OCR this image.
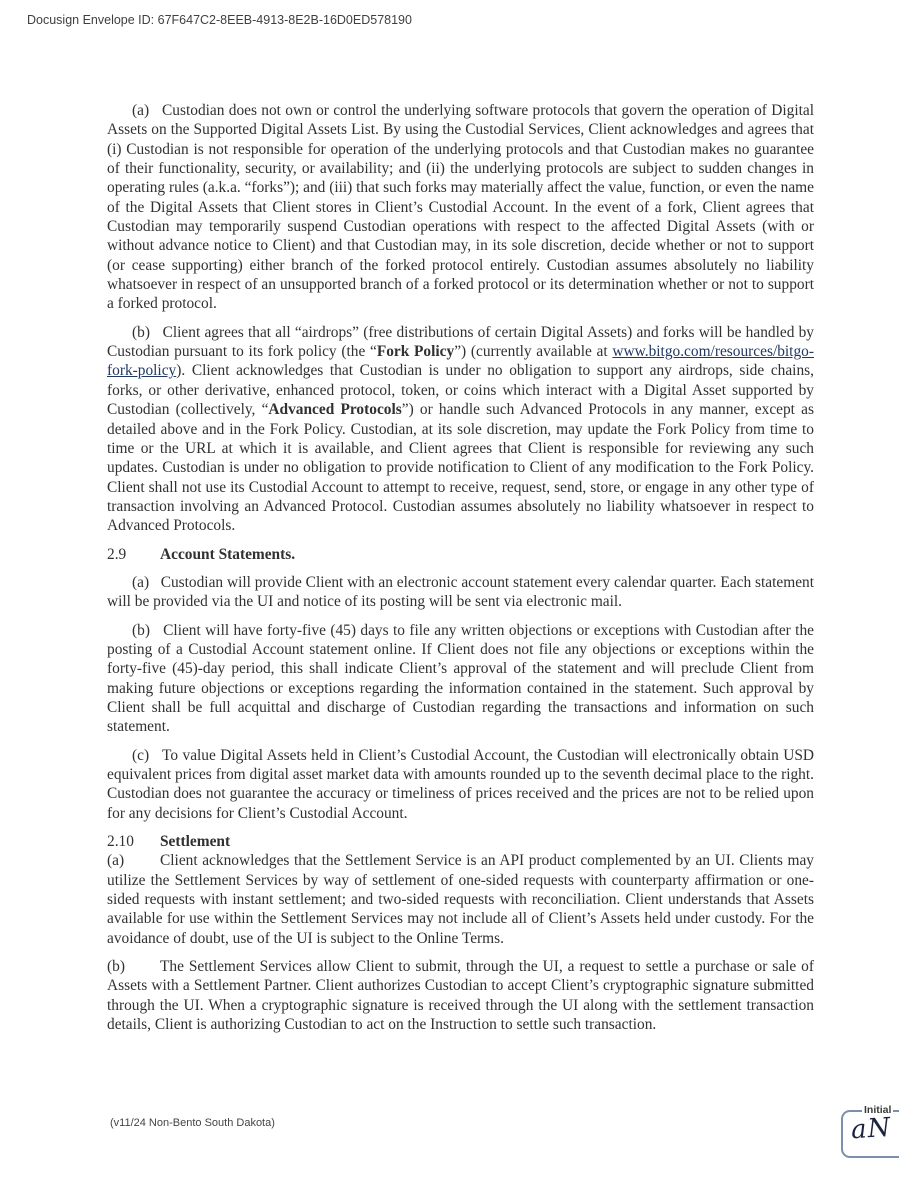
Docusign Envelope ID: 67F647C2-8EEB-4913-8E2B-16D0ED578190

(a)   Custodian does not own or control the underlying software protocols that govern the operation of Digital Assets on the Supported Digital Assets List. By using the Custodial Services, Client acknowledges and agrees that (i) Custodian is not responsible for operation of the underlying protocols and that Custodian makes no guarantee of their functionality, security, or availability; and (ii) the underlying protocols are subject to sudden changes in operating rules (a.k.a. “forks”); and (iii) that such forks may materially affect the value, function, or even the name of the Digital Assets that Client stores in Client’s Custodial Account. In the event of a fork, Client agrees that Custodian may temporarily suspend Custodian operations with respect to the affected Digital Assets (with or without advance notice to Client) and that Custodian may, in its sole discretion, decide whether or not to support (or cease supporting) either branch of the forked protocol entirely. Custodian assumes absolutely no liability whatsoever in respect of an unsupported branch of a forked protocol or its determination whether or not to support a forked protocol.

(b)   Client agrees that all “airdrops” (free distributions of certain Digital Assets) and forks will be handled by Custodian pursuant to its fork policy (the “Fork Policy”) (currently available at www.bitgo.com/resources/bitgo-fork-policy). Client acknowledges that Custodian is under no obligation to support any airdrops, side chains, forks, or other derivative, enhanced protocol, token, or coins which interact with a Digital Asset supported by Custodian (collectively, “Advanced Protocols”) or handle such Advanced Protocols in any manner, except as detailed above and in the Fork Policy. Custodian, at its sole discretion, may update the Fork Policy from time to time or the URL at which it is available, and Client agrees that Client is responsible for reviewing any such updates. Custodian is under no obligation to provide notification to Client of any modification to the Fork Policy. Client shall not use its Custodial Account to attempt to receive, request, send, store, or engage in any other type of transaction involving an Advanced Protocol. Custodian assumes absolutely no liability whatsoever in respect to Advanced Protocols.

2.9 Account Statements.

(a)   Custodian will provide Client with an electronic account statement every calendar quarter. Each statement will be provided via the UI and notice of its posting will be sent via electronic mail.

(b)   Client will have forty-five (45) days to file any written objections or exceptions with Custodian after the posting of a Custodial Account statement online. If Client does not file any objections or exceptions within the forty-five (45)-day period, this shall indicate Client’s approval of the statement and will preclude Client from making future objections or exceptions regarding the information contained in the statement. Such approval by Client shall be full acquittal and discharge of Custodian regarding the transactions and information on such statement.

(c)   To value Digital Assets held in Client’s Custodial Account, the Custodian will electronically obtain USD equivalent prices from digital asset market data with amounts rounded up to the seventh decimal place to the right. Custodian does not guarantee the accuracy or timeliness of prices received and the prices are not to be relied upon for any decisions for Client’s Custodial Account.

2.10 Settlement

(a) Client acknowledges that the Settlement Service is an API product complemented by an UI. Clients may utilize the Settlement Services by way of settlement of one-sided requests with counterparty affirmation or one-sided requests with instant settlement; and two-sided requests with reconciliation. Client understands that Assets available for use within the Settlement Services may not include all of Client’s Assets held under custody. For the avoidance of doubt, use of the UI is subject to the Online Terms.

(b) The Settlement Services allow Client to submit, through the UI, a request to settle a purchase or sale of Assets with a Settlement Partner. Client authorizes Custodian to accept Client’s cryptographic signature submitted through the UI. When a cryptographic signature is received through the UI along with the settlement transaction details, Client is authorizing Custodian to act on the Instruction to settle such transaction.

(v11/24 Non-Bento South Dakota)
Initial
aN
